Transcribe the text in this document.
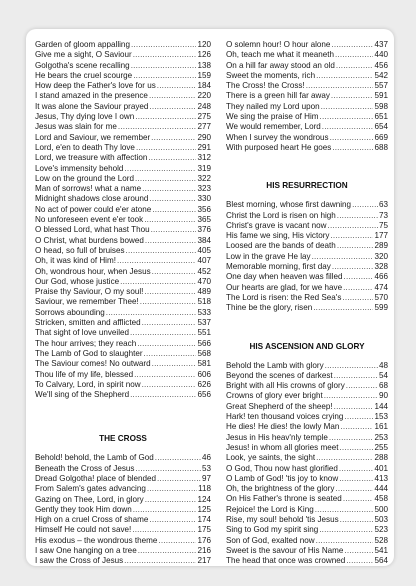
Garden of gloom appalling .....	120
Give me a sight, O Saviour .....	126
Golgotha's scene recalling .....	138
He bears the cruel scourge .....	159
How deep the Father's love for us .....	184
I stand amazed in the presence .....	220
It was alone the Saviour prayed .....	248
Jesus, Thy dying love I own .....	275
Jesus was slain for me .....	277
Lord and Saviour, we remember .....	290
Lord, e'en to death Thy love .....	291
Lord, we treasure with affection .....	312
Love's immensity behold .....	319
Low on the ground the Lord .....	322
Man of sorrows! what a name .....	323
Midnight shadows close around .....	330
No act of power could e'er atone .....	356
No unforeseen event e'er took .....	365
O blessed Lord, what hast Thou .....	376
O Christ, what burdens bowed .....	384
O head, so full of bruises .....	405
Oh, it was kind of Him! .....	407
Oh, wondrous hour, when Jesus .....	452
Our God, whose justice .....	470
Praise thy Saviour, O my soul! .....	489
Saviour, we remember Thee! .....	518
Sorrows abounding .....	533
Stricken, smitten and afflicted .....	537
That sight of love unveiled .....	551
The hour arrives; they reach .....	566
The Lamb of God to slaughter .....	568
The Saviour comes! No outward .....	581
Thou life of my life, blessed .....	606
To Calvary, Lord, in spirit now .....	626
We'll sing of the Shepherd .....	656
THE CROSS
Behold! behold, the Lamb of God .....	46
Beneath the Cross of Jesus .....	53
Dread Golgotha! place of blended .....	97
From Salem's gates advancing .....	118
Gazing on Thee, Lord, in glory .....	124
Gently they took Him down .....	125
High on a cruel Cross of shame .....	174
Himself He could not save! .....	175
His exodus – the wondrous theme .....	176
I saw One hanging on a tree .....	216
I saw the Cross of Jesus .....	217
O solemn hour! O hour alone .....	437
Oh, teach me what it meaneth .....	440
On a hill far away stood an old .....	456
Sweet the moments, rich .....	542
The Cross! the Cross! .....	557
There is a green hill far away .....	591
They nailed my Lord upon .....	598
We sing the praise of Him .....	651
We would remember, Lord .....	654
When I survey the wondrous .....	669
With purposed heart He goes .....	688
HIS RESURRECTION
Blest morning, whose first dawning .....	63
Christ the Lord is risen on high .....	73
Christ's grave is vacant now .....	75
His fame we sing, His victory .....	177
Loosed are the bands of death .....	289
Low in the grave He lay .....	320
Memorable morning, first day .....	328
One day when heaven was filled .....	466
Our hearts are glad, for we have .....	474
The Lord is risen: the Red Sea's .....	570
Thine be the glory, risen .....	599
HIS ASCENSION AND GLORY
Behold the Lamb with glory .....	48
Beyond the scenes of darkest .....	54
Bright with all His crowns of glory .....	68
Crowns of glory ever bright .....	90
Great Shepherd of the sheep! .....	144
Hark! ten thousand voices crying .....	153
He dies! He dies! the lowly Man .....	161
Jesus in His heav'nly temple .....	253
Jesus! in whom all glories meet .....	255
Look, ye saints, the sight .....	288
O God, Thou now hast glorified .....	401
O Lamb of God! 'tis joy to know .....	413
Oh, the brightness of the glory .....	444
On His Father's throne is seated .....	458
Rejoice! the Lord is King .....	500
Rise, my soul! behold 'tis Jesus .....	503
Sing to God my spirit sing .....	523
Son of God, exalted now .....	528
Sweet is the savour of His Name .....	541
The head that once was crowned .....	564
